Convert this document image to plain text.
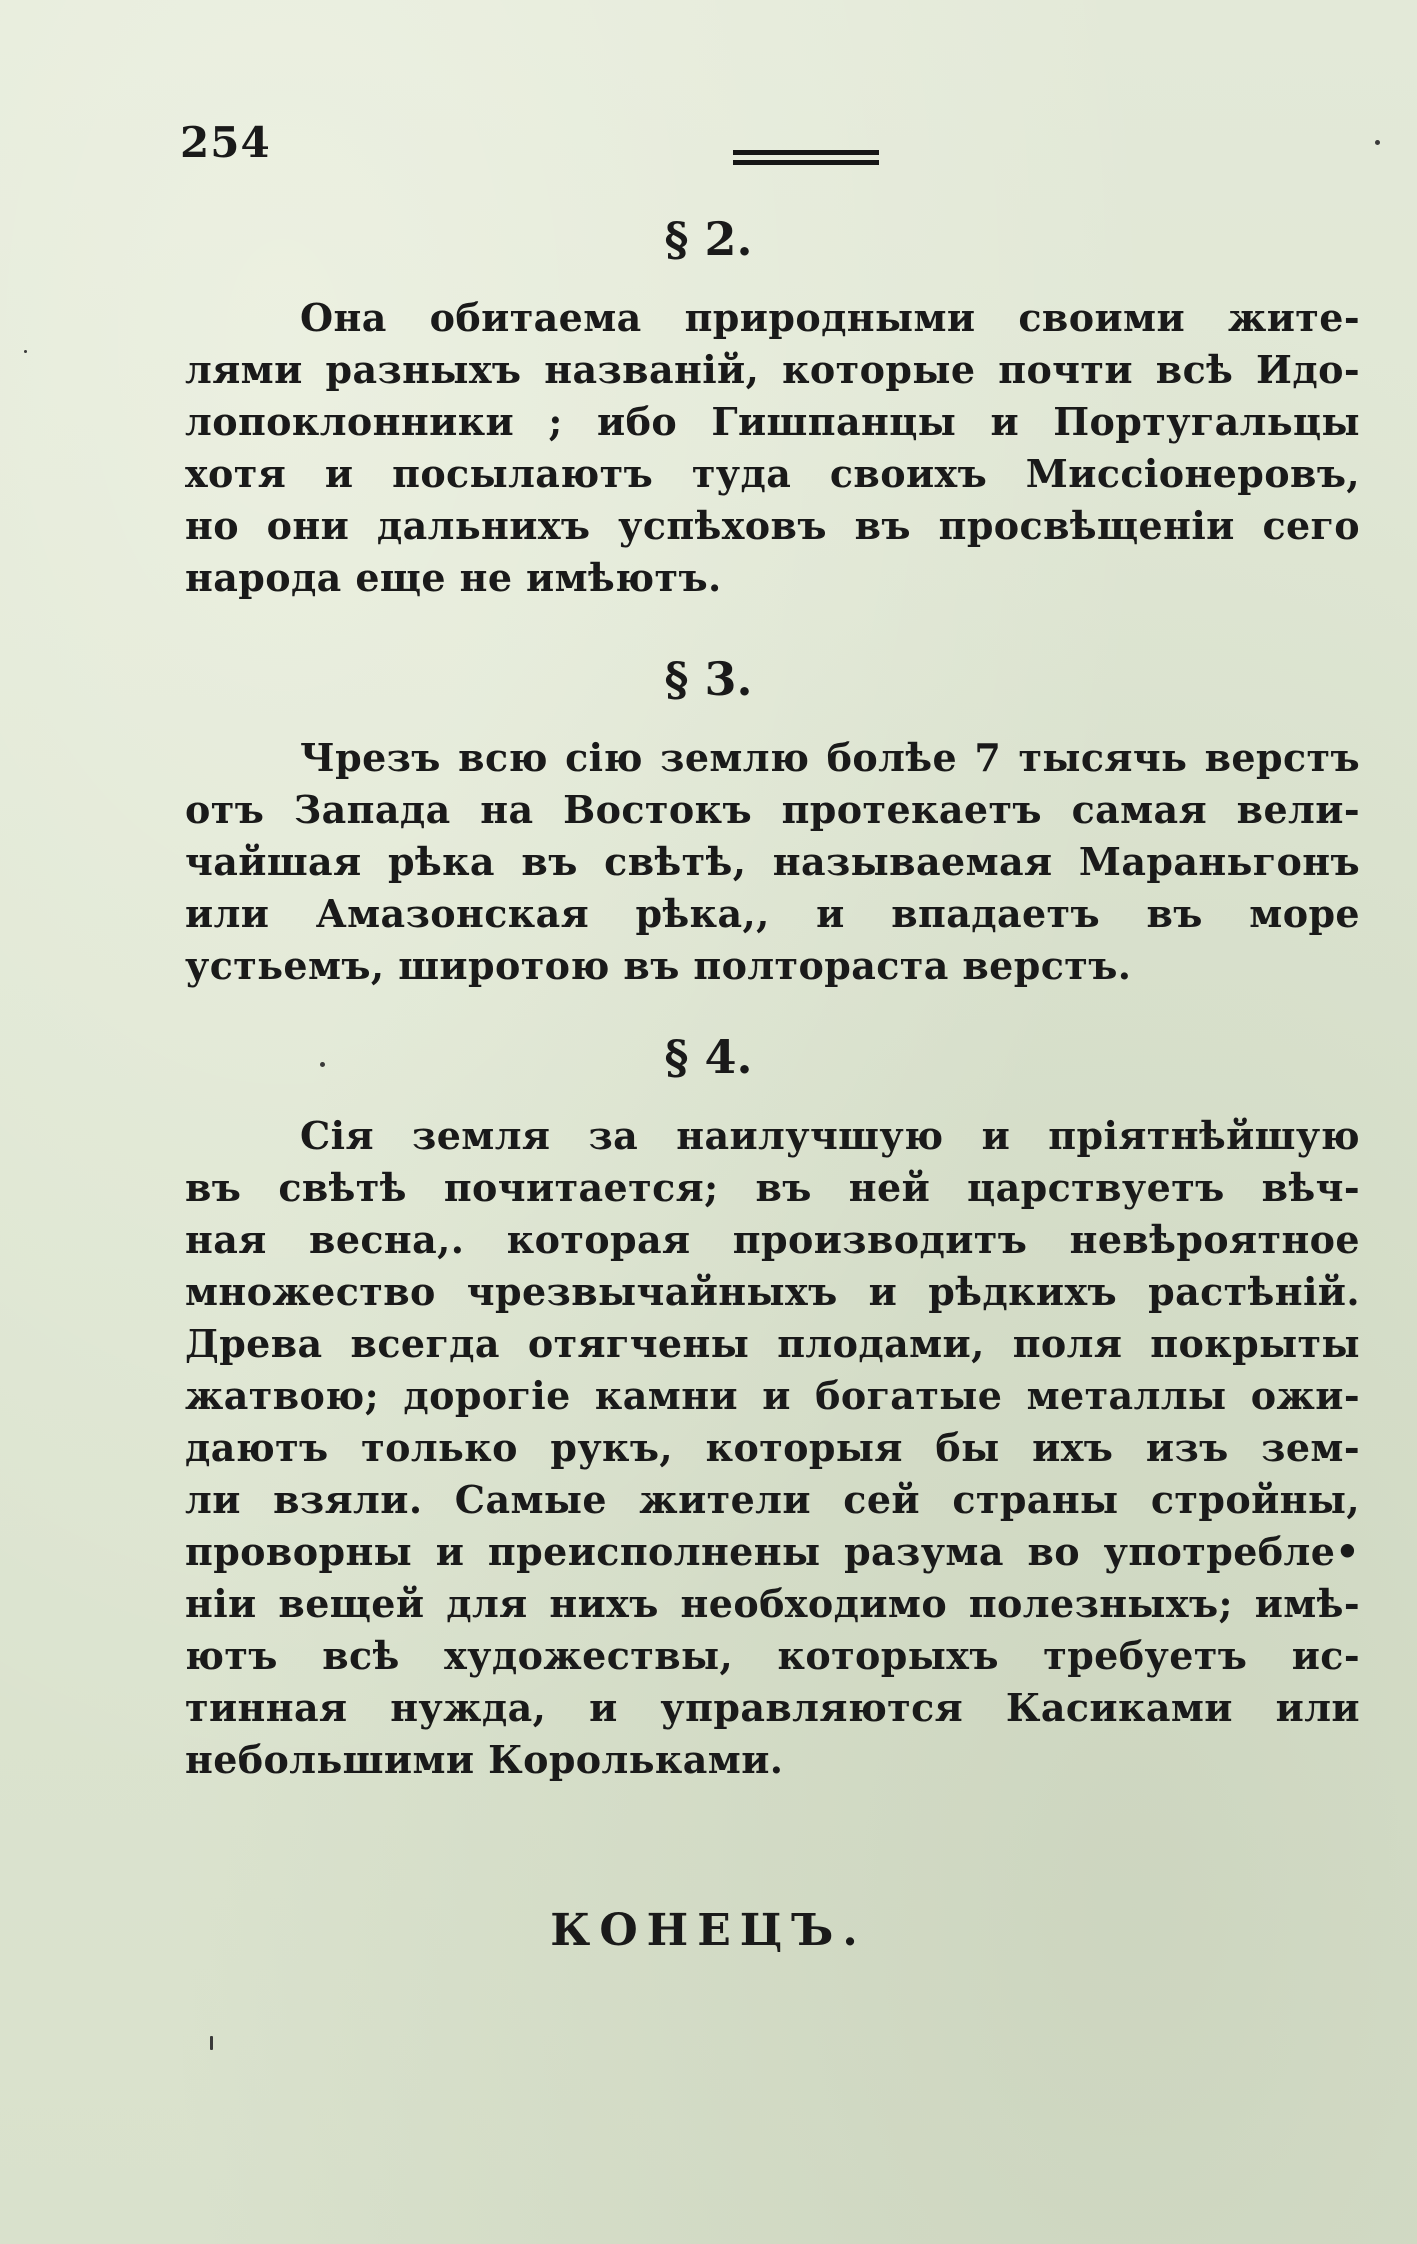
254
§ 2.
Она обитаема природными своими жите-
лями разныхъ названій, которые почти всѣ Идо-
лопоклонники ; ибо Гишпанцы и Португальцы
хотя и посылаютъ туда своихъ Миссіонеровъ,
но они дальнихъ успѣховъ въ просвѣщеніи сего
народа еще не имѣютъ.
§ 3.
Чрезъ всю сію землю болѣе 7 тысячь верстъ
отъ Запада на Востокъ протекаетъ самая вели-
чайшая рѣка въ свѣтѣ, называемая Мараньгонъ
или Амазонская рѣка,, и впадаетъ въ море
устьемъ, широтою въ полтораста верстъ.
§ 4.
Сія земля за наилучшую и пріятнѣйшую
въ свѣтѣ почитается; въ ней царствуетъ вѣч-
ная весна,. которая производитъ невѣроятное
множество чрезвычайныхъ и рѣдкихъ растѣній.
Древа всегда отягчены плодами, поля покрыты
жатвою; дорогіе камни и богатые металлы ожи-
даютъ только рукъ, которыя бы ихъ изъ зем-
ли взяли. Самые жители сей страны стройны,
проворны и преисполнены разума во употребле•
ніи вещей для нихъ необходимо полезныхъ; имѣ-
ютъ всѣ художествы, которыхъ требуетъ ис-
тинная нужда, и управляются Касиками или
небольшими Корольками.
КОНЕЦЪ.
